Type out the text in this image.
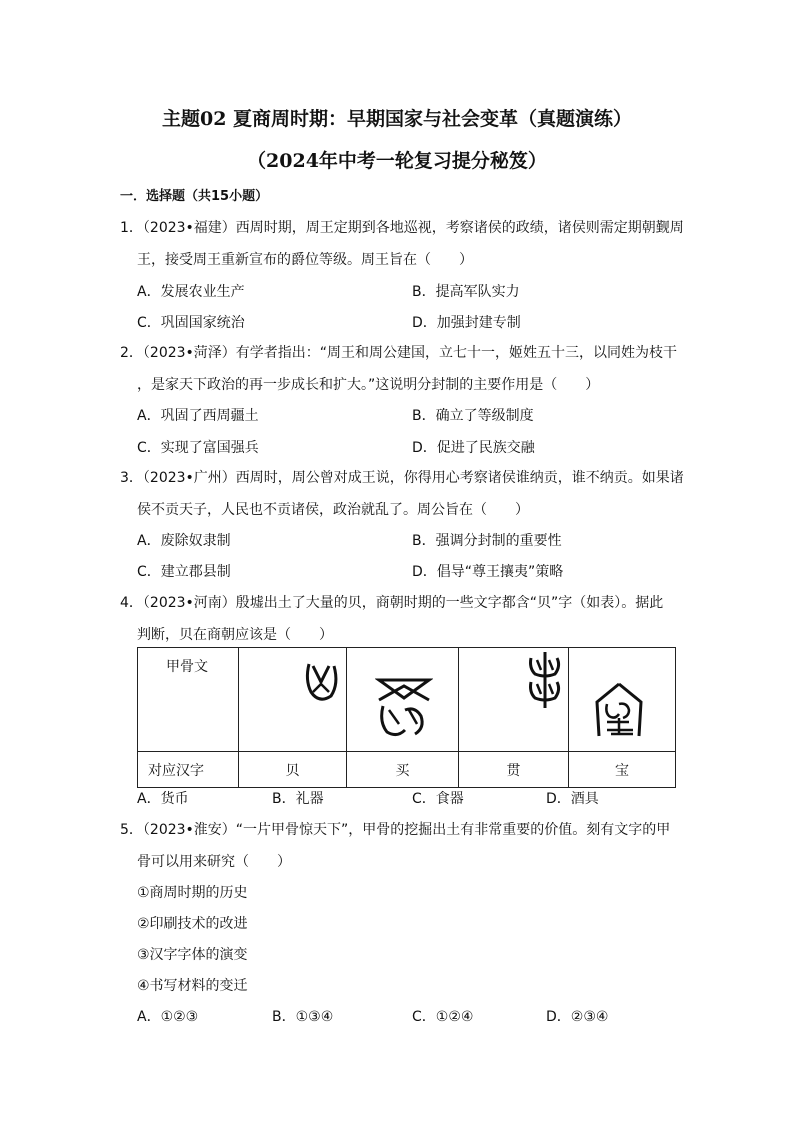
主题02 夏商周时期：早期国家与社会变革（真题演练）
（2024年中考一轮复习提分秘笈）
一．选择题（共15小题）
1．（2023•福建）西周时期，周王定期到各地巡视，考察诸侯的政绩，诸侯则需定期朝觐周
王，接受周王重新宣布的爵位等级。周王旨在（　　）
A．发展农业生产	B．提高军队实力
C．巩固国家统治	D．加强封建专制
2．（2023•菏泽）有学者指出：“周王和周公建国，立七十一，姬姓五十三，以同姓为枝干
，是家天下政治的再一步成长和扩大。”这说明分封制的主要作用是（　　）
A．巩固了西周疆土	B．确立了等级制度
C．实现了富国强兵	D．促进了民族交融
3．（2023•广州）西周时，周公曾对成王说，你得用心考察诸侯谁纳贡，谁不纳贡。如果诸
侯不贡天子，人民也不贡诸侯，政治就乱了。周公旨在（　　）
A．废除奴隶制	B．强调分封制的重要性
C．建立郡县制	D．倡导“尊王攘夷”策略
4．（2023•河南）殷墟出土了大量的贝，商朝时期的一些文字都含“贝”字（如表）。据此
判断，贝在商朝应该是（　　）
甲骨文	

对应汉字	贝	买	贯	宝
A．货币	B．礼器	C．食器	D．酒具
5．（2023•淮安）“一片甲骨惊天下”，甲骨的挖掘出土有非常重要的价值。刻有文字的甲
骨可以用来研究（　　）
①商周时期的历史
②印刷技术的改进
③汉字字体的演变
④书写材料的变迁
A．①②③	B．①③④	C．①②④	D．②③④
